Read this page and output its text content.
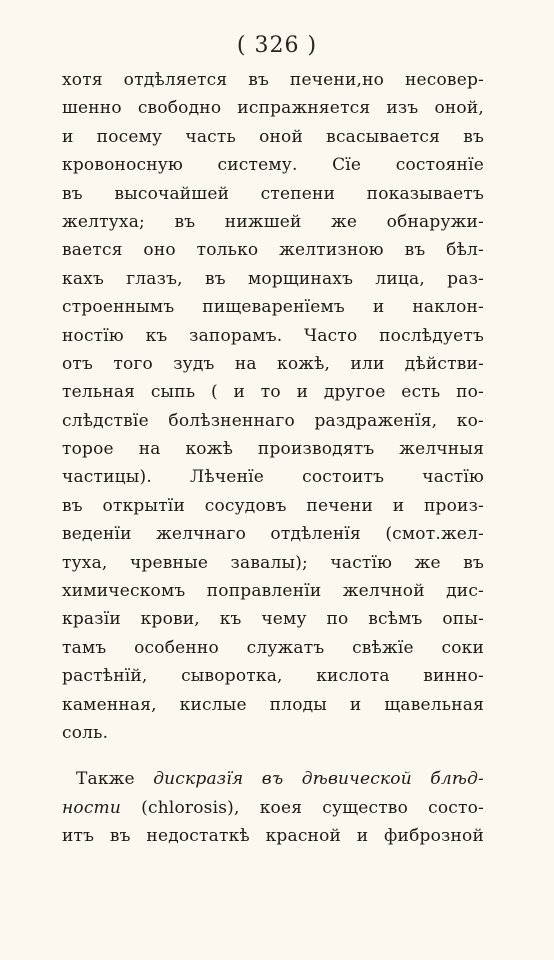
( 326 )
хотя отдѣляется въ печени,но несовер-
шенно свободно испражняется изъ оной,
и посему часть оной всасывается въ
кровоносную систему. Сїе состоянїе
въ высочайшей степени показываетъ
желтуха; въ нижшей же обнаружи-
вается оно только желтизною въ бѣл-
кахъ глазъ, въ морщинахъ лица, раз-
строеннымъ пищеваренїемъ и наклон-
ностїю къ запорамъ. Часто послѣдуетъ
отъ того зудъ на кожѣ, или дѣйстви-
тельная сыпь ( и то и другое есть по-
слѣдствїе болѣзненнаго раздраженїя, ко-
торое на кожѣ производятъ желчныя
частицы). Лѣченїе состоитъ частїю
въ открытїи сосудовъ печени и произ-
веденїи желчнаго отдѣленїя (смот.жел-
туха, чревные завалы); частїю же въ
химическомъ поправленїи желчной дис-
кразїи крови, къ чему по всѣмъ опы-
тамъ особенно служатъ свѣжїе соки
растѣнїй, сыворотка, кислота винно-
каменная, кислые плоды и щавельная
соль.
Также дискразїя въ дѣвической блѣд-
ности (chlorosis), коея существо состо-
итъ въ недостаткѣ красной и фиброзной
